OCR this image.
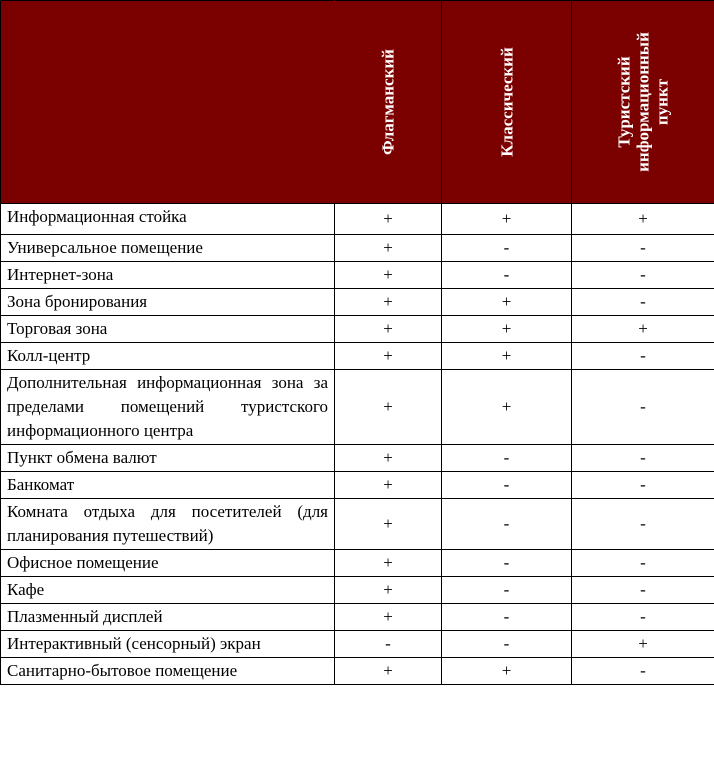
	Флагманский	Классический	Туристский
информационный
пункт

Информационная стойка	+	+	+
Универсальное помещение	+	-	-
Интернет-зона	+	-	-
Зона бронирования	+	+	-
Торговая зона	+	+	+
Колл-центр	+	+	-
Дополнительная информационная зона за пределами помещений туристского информационного центра	+	+	-
Пункт обмена валют	+	-	-
Банкомат	+	-	-
Комната отдыха для посетителей (для планирования путешествий)	+	-	-
Офисное помещение	+	-	-
Кафе	+	-	-
Плазменный дисплей	+	-	-
Интерактивный (сенсорный) экран	-	-	+
Санитарно-бытовое помещение	+	+	-
